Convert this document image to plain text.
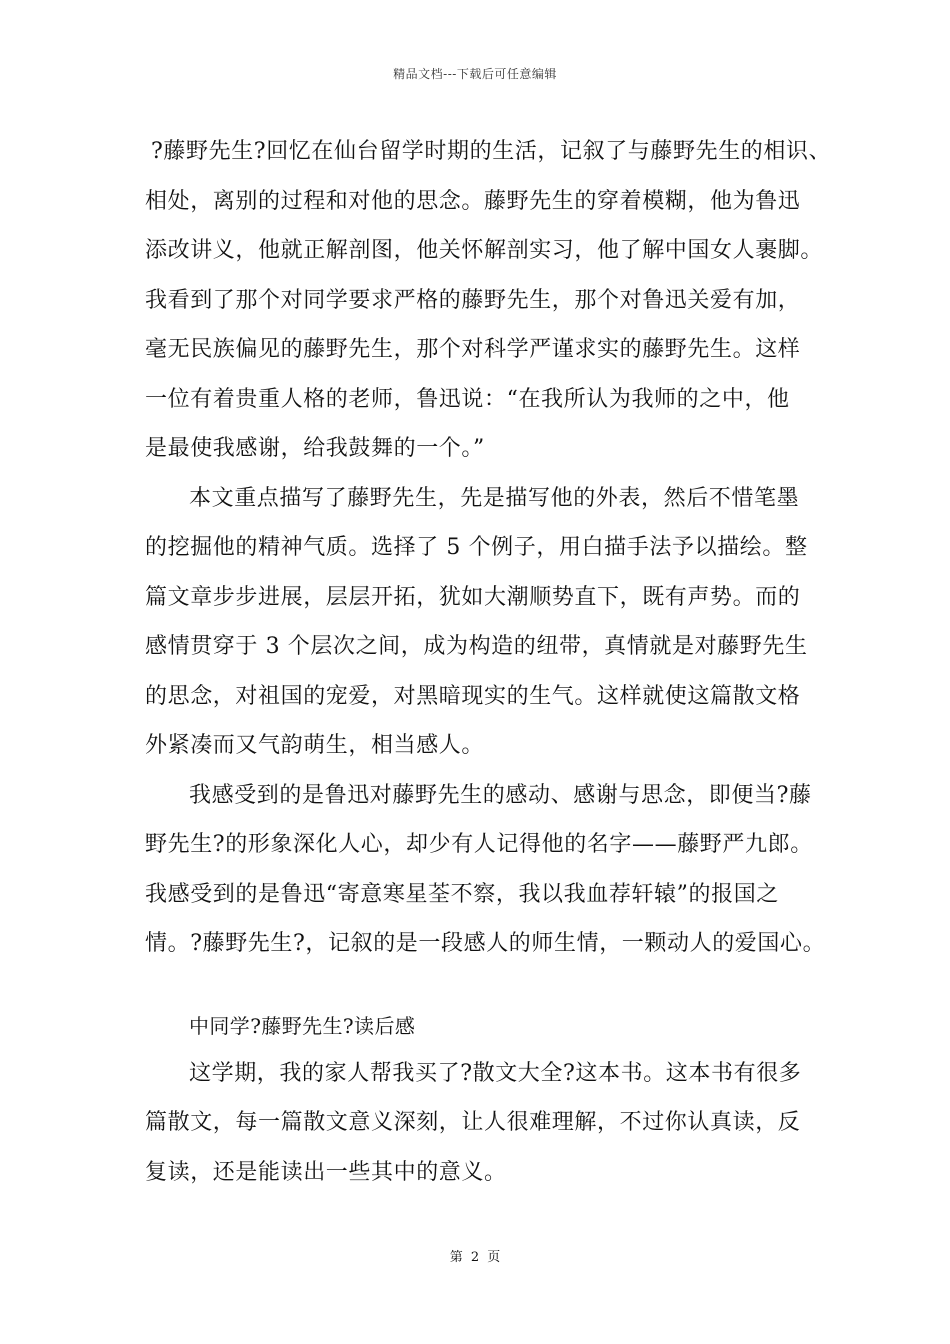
精品文档---下载后可任意编辑
?藤野先生?回忆在仙台留学时期的生活，记叙了与藤野先生的相识、
相处，离别的过程和对他的思念。藤野先生的穿着模糊，他为鲁迅
添改讲义，他就正解剖图，他关怀解剖实习，他了解中国女人裹脚。
我看到了那个对同学要求严格的藤野先生，那个对鲁迅关爱有加，
毫无民族偏见的藤野先生，那个对科学严谨求实的藤野先生。这样
一位有着贵重人格的老师，鲁迅说：“在我所认为我师的之中，他
是最使我感谢，给我鼓舞的一个。”
本文重点描写了藤野先生，先是描写他的外表，然后不惜笔墨
的挖掘他的精神气质。选择了 5 个例子，用白描手法予以描绘。整
篇文章步步进展，层层开拓，犹如大潮顺势直下，既有声势。而的
感情贯穿于 3 个层次之间，成为构造的纽带，真情就是对藤野先生
的思念，对祖国的宠爱，对黑暗现实的生气。这样就使这篇散文格
外紧凑而又气韵萌生，相当感人。
我感受到的是鲁迅对藤野先生的感动、感谢与思念，即便当?藤
野先生?的形象深化人心，却少有人记得他的名字——藤野严九郎。
我感受到的是鲁迅“寄意寒星荃不察，我以我血荐轩辕”的报国之
情。?藤野先生?，记叙的是一段感人的师生情，一颗动人的爱国心。
中同学?藤野先生?读后感
这学期，我的家人帮我买了?散文大全?这本书。这本书有很多
篇散文，每一篇散文意义深刻，让人很难理解，不过你认真读，反
复读，还是能读出一些其中的意义。
第 2 页
